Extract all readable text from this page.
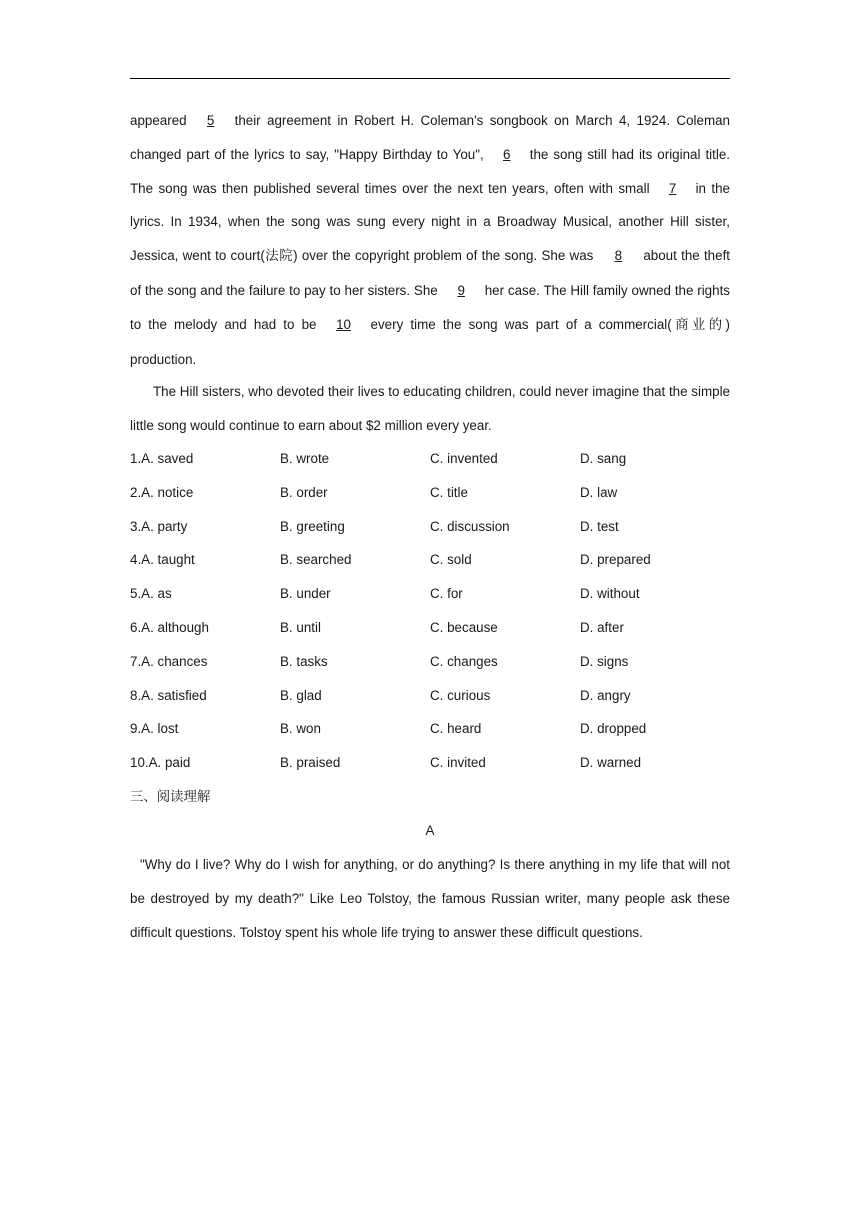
appeared 5 their agreement in Robert H. Coleman's songbook on March 4, 1924. Coleman changed part of the lyrics to say, "Happy Birthday to You", 6 the song still had its original title. The song was then published several times over the next ten years, often with small 7 in the lyrics. In 1934, when the song was sung every night in a Broadway Musical, another Hill sister, Jessica, went to court(法院) over the copyright problem of the song. She was 8 about the theft of the song and the failure to pay to her sisters. She 9 her case. The Hill family owned the rights to the melody and had to be 10 every time the song was part of a commercial(商业的) production.
The Hill sisters, who devoted their lives to educating children, could never imagine that the simple little song would continue to earn about $2 million every year.
1.A. saved	B. wrote	C. invented	D. sang
2.A. notice	B. order	C. title	D. law
3.A. party	B. greeting	C. discussion	D. test
4.A. taught	B. searched	C. sold	D. prepared
5.A. as	B. under	C. for	D. without
6.A. although	B. until	C. because	D. after
7.A. chances	B. tasks	C. changes	D. signs
8.A. satisfied	B. glad	C. curious	D. angry
9.A. lost	B. won	C. heard	D. dropped
10.A. paid	B. praised	C. invited	D. warned
三、阅读理解
A
"Why do I live? Why do I wish for anything, or do anything? Is there anything in my life that will not be destroyed by my death?" Like Leo Tolstoy, the famous Russian writer, many people ask these difficult questions. Tolstoy spent his whole life trying to answer these difficult questions.
